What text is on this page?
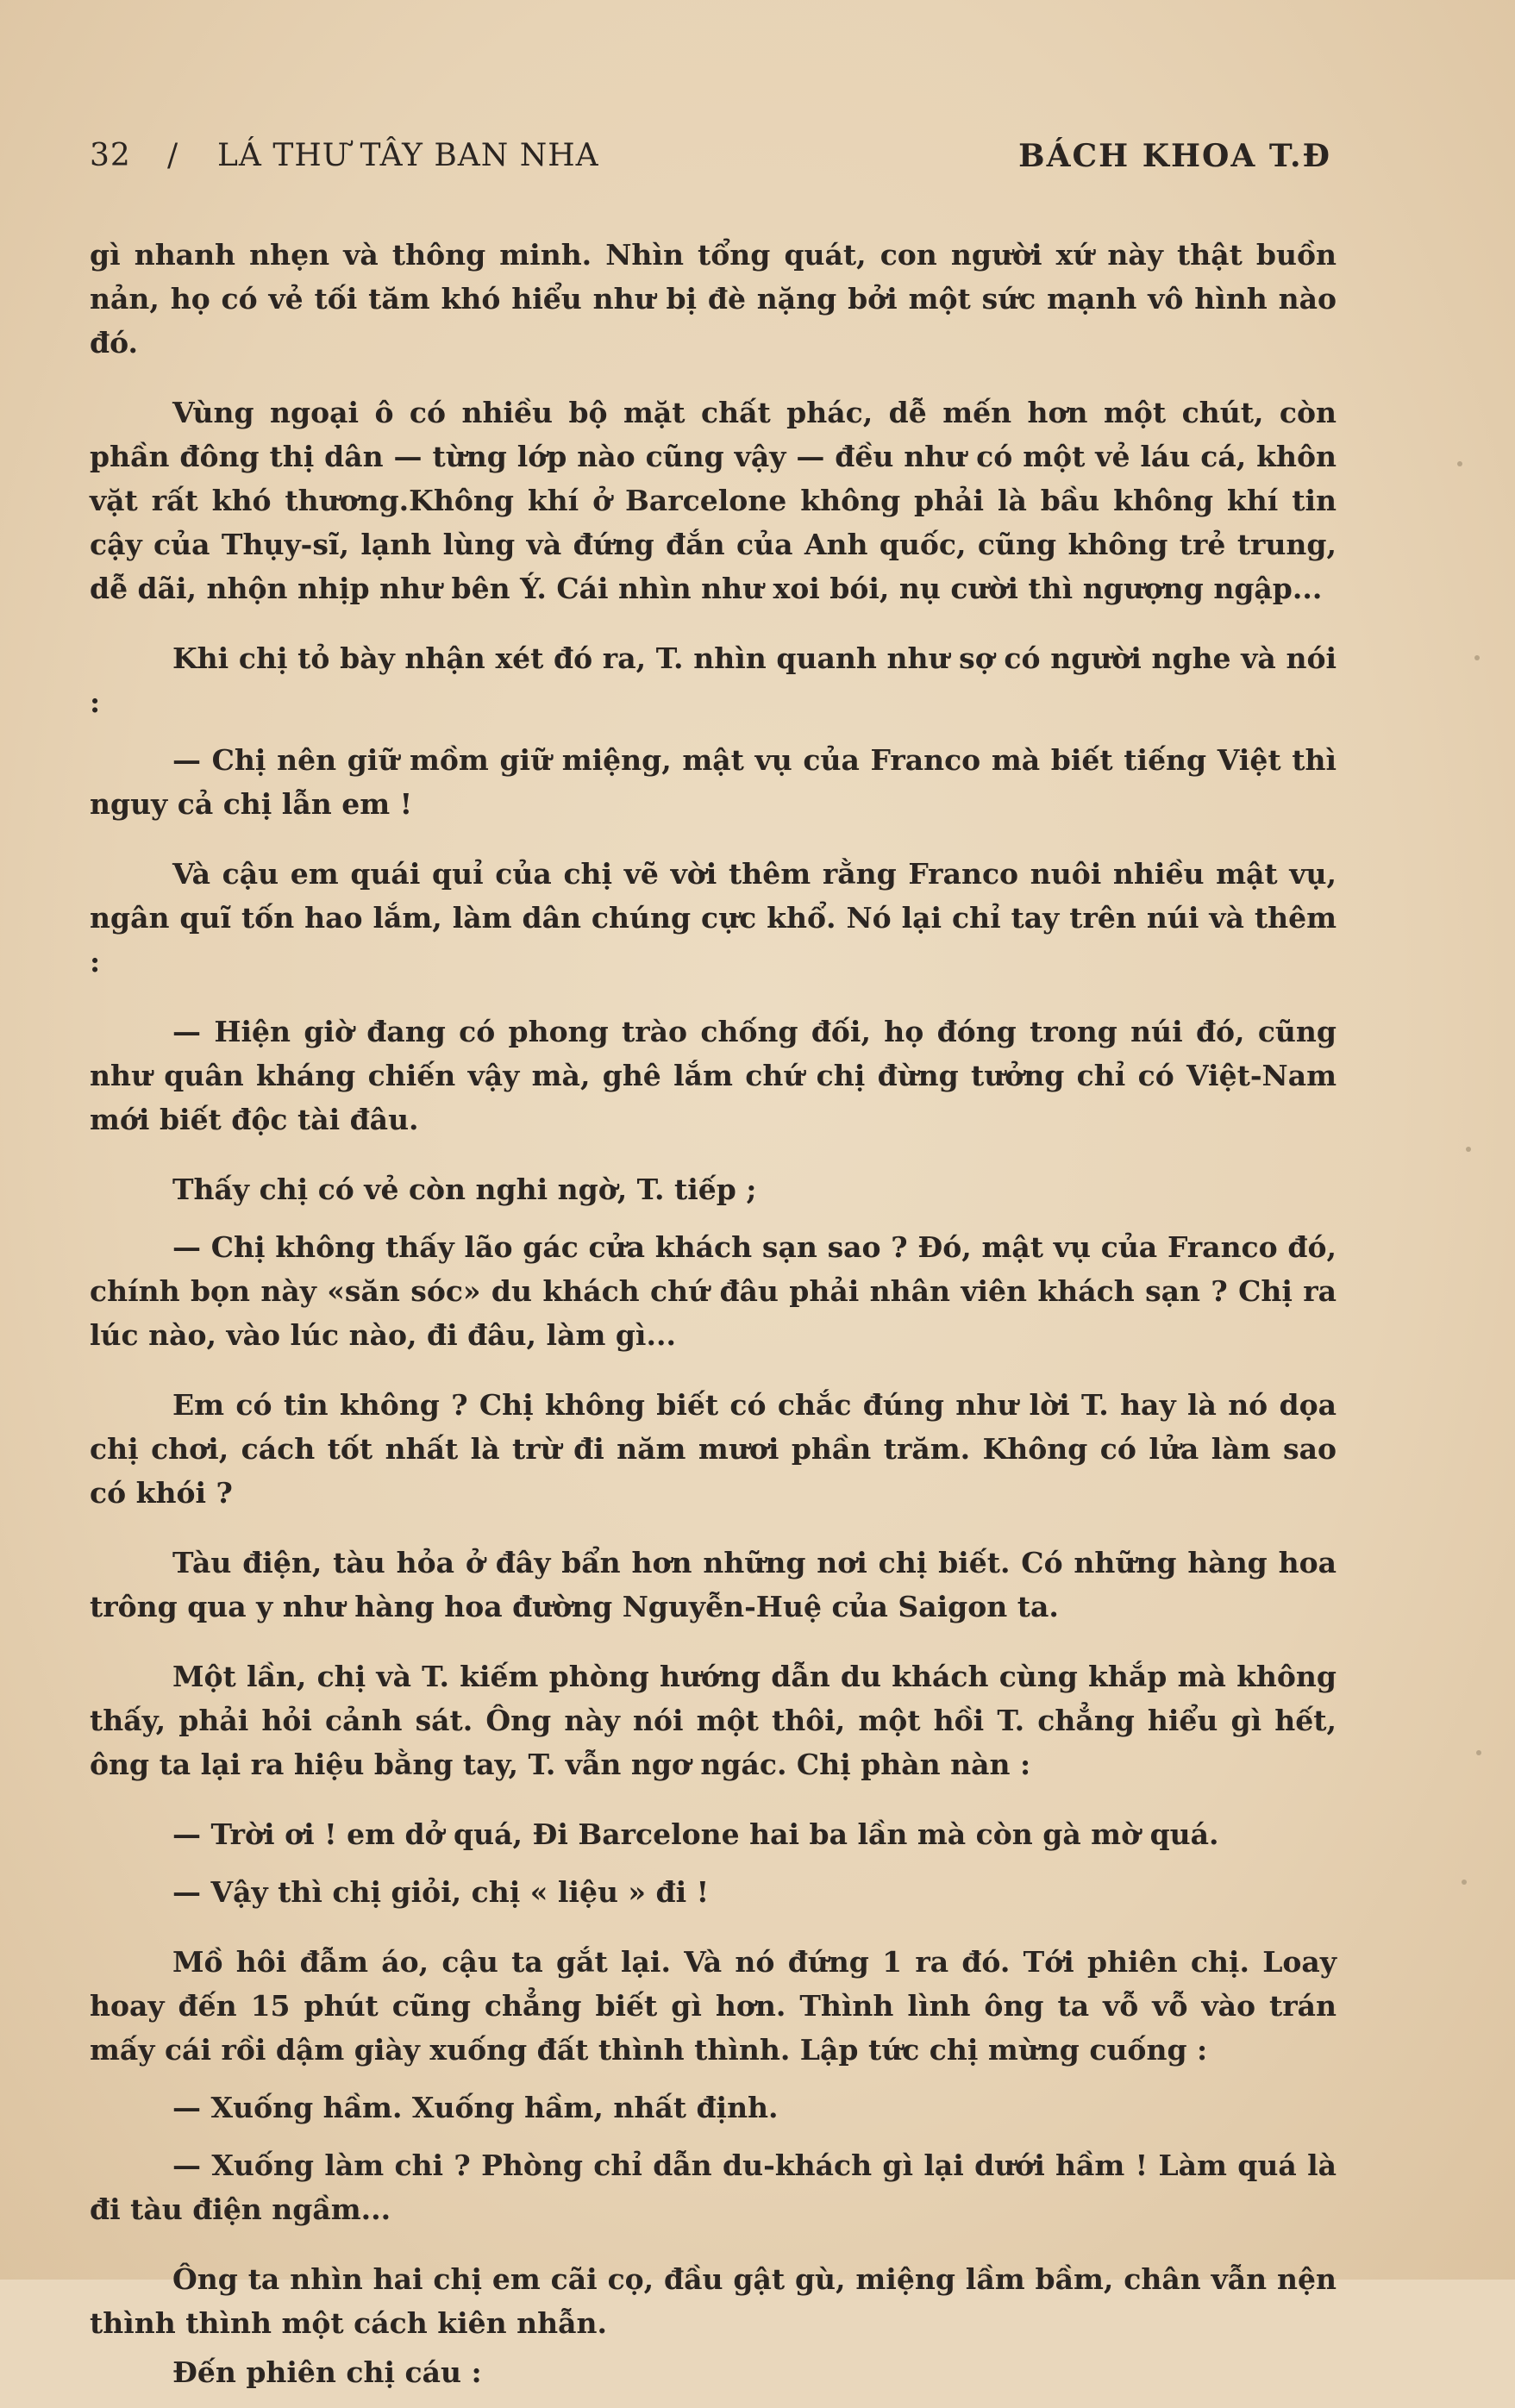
32 / LÁ THƯ TÂY BAN NHA	BÁCH KHOA T.Đ

gì nhanh nhẹn và thông minh. Nhìn tổng quát, con người xứ này thật buồn nản, họ có vẻ tối tăm khó hiểu như bị đè nặng bởi một sức mạnh vô hình nào đó.

Vùng ngoại ô có nhiều bộ mặt chất phác, dễ mến hơn một chút, còn phần đông thị dân — từng lớp nào cũng vậy — đều như có một vẻ láu cá, khôn vặt rất khó thương.Không khí ở Barcelone không phải là bầu không khí tin cậy của Thụy-sĩ, lạnh lùng và đứng đắn của Anh quốc, cũng không trẻ trung, dễ dãi, nhộn nhịp như bên Ý. Cái nhìn như xoi bói, nụ cười thì ngượng ngập...

Khi chị tỏ bày nhận xét đó ra, T. nhìn quanh như sợ có người nghe và nói :

— Chị nên giữ mồm giữ miệng, mật vụ của Franco mà biết tiếng Việt thì nguy cả chị lẫn em !

Và cậu em quái quỉ của chị vẽ vời thêm rằng Franco nuôi nhiều mật vụ, ngân quĩ tốn hao lắm, làm dân chúng cực khổ. Nó lại chỉ tay trên núi và thêm :

— Hiện giờ đang có phong trào chống đối, họ đóng trong núi đó, cũng như quân kháng chiến vậy mà, ghê lắm chứ chị đừng tưởng chỉ có Việt-Nam mới biết độc tài đâu.

Thấy chị có vẻ còn nghi ngờ, T. tiếp ;

— Chị không thấy lão gác cửa khách sạn sao ? Đó, mật vụ của Franco đó, chính bọn này «săn sóc» du khách chứ đâu phải nhân viên khách sạn ? Chị ra lúc nào, vào lúc nào, đi đâu, làm gì...

Em có tin không ? Chị không biết có chắc đúng như lời T. hay là nó dọa chị chơi, cách tốt nhất là trừ đi năm mươi phần trăm. Không có lửa làm sao có khói ?

Tàu điện, tàu hỏa ở đây bẩn hơn những nơi chị biết. Có những hàng hoa trông qua y như hàng hoa đường Nguyễn-Huệ của Saigon ta.

Một lần, chị và T. kiếm phòng hướng dẫn du khách cùng khắp mà không thấy, phải hỏi cảnh sát. Ông này nói một thôi, một hồi T. chẳng hiểu gì hết, ông ta lại ra hiệu bằng tay, T. vẫn ngơ ngác. Chị phàn nàn :

— Trời ơi ! em dở quá, Đi Barcelone hai ba lần mà còn gà mờ quá.

— Vậy thì chị giỏi, chị « liệu » đi !

Mồ hôi đẫm áo, cậu ta gắt lại. Và nó đứng 1 ra đó. Tới phiên chị. Loay hoay đến 15 phút cũng chẳng biết gì hơn. Thình lình ông ta vỗ vỗ vào trán mấy cái rồi dậm giày xuống đất thình thình. Lập tức chị mừng cuống :

— Xuống hầm. Xuống hầm, nhất định.

— Xuống làm chi ? Phòng chỉ dẫn du-khách gì lại dưới hầm ! Làm quá là đi tàu điện ngầm...

Ông ta nhìn hai chị em cãi cọ, đầu gật gù, miệng lầm bầm, chân vẫn nện thình thình một cách kiên nhẫn.

Đến phiên chị cáu :
